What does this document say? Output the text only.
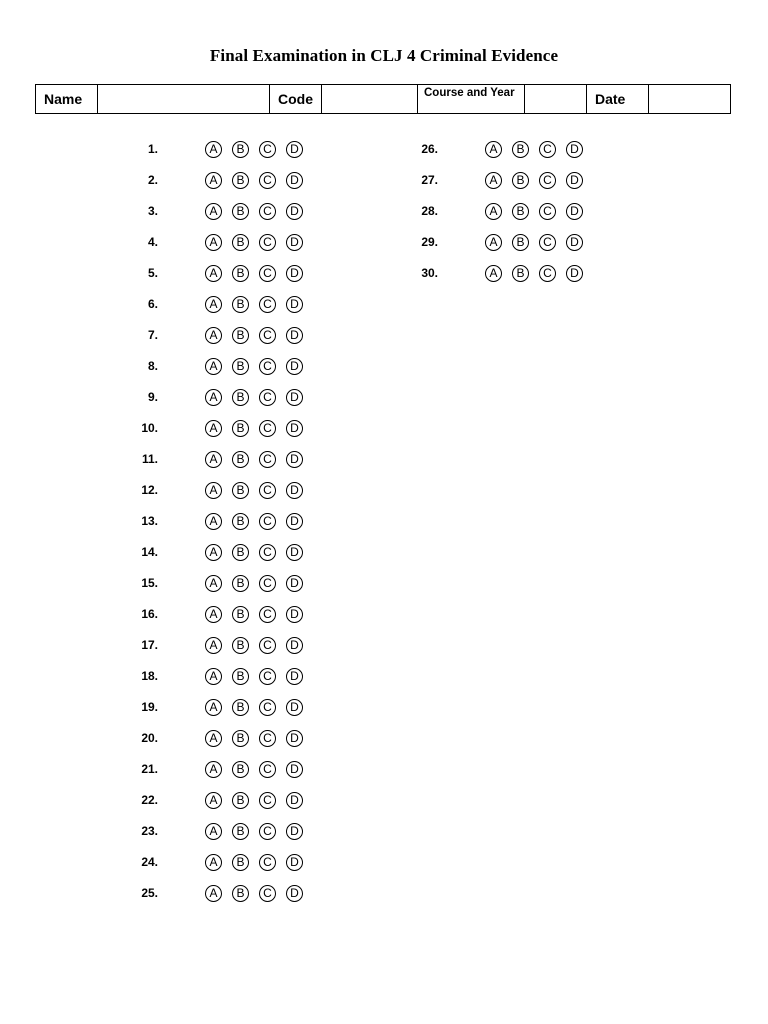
Final Examination in CLJ 4 Criminal Evidence
Name		Code		Course and Year		Date	
1.	A	B	C	D
2.	A	B	C	D
3.	A	B	C	D
4.	A	B	C	D
5.	A	B	C	D
6.	A	B	C	D
7.	A	B	C	D
8.	A	B	C	D
9.	A	B	C	D
10.	A	B	C	D
11.	A	B	C	D
12.	A	B	C	D
13.	A	B	C	D
14.	A	B	C	D
15.	A	B	C	D
16.	A	B	C	D
17.	A	B	C	D
18.	A	B	C	D
19.	A	B	C	D
20.	A	B	C	D
21.	A	B	C	D
22.	A	B	C	D
23.	A	B	C	D
24.	A	B	C	D
25.	A	B	C	D
26.	A	B	C	D
27.	A	B	C	D
28.	A	B	C	D
29.	A	B	C	D
30.	A	B	C	D
